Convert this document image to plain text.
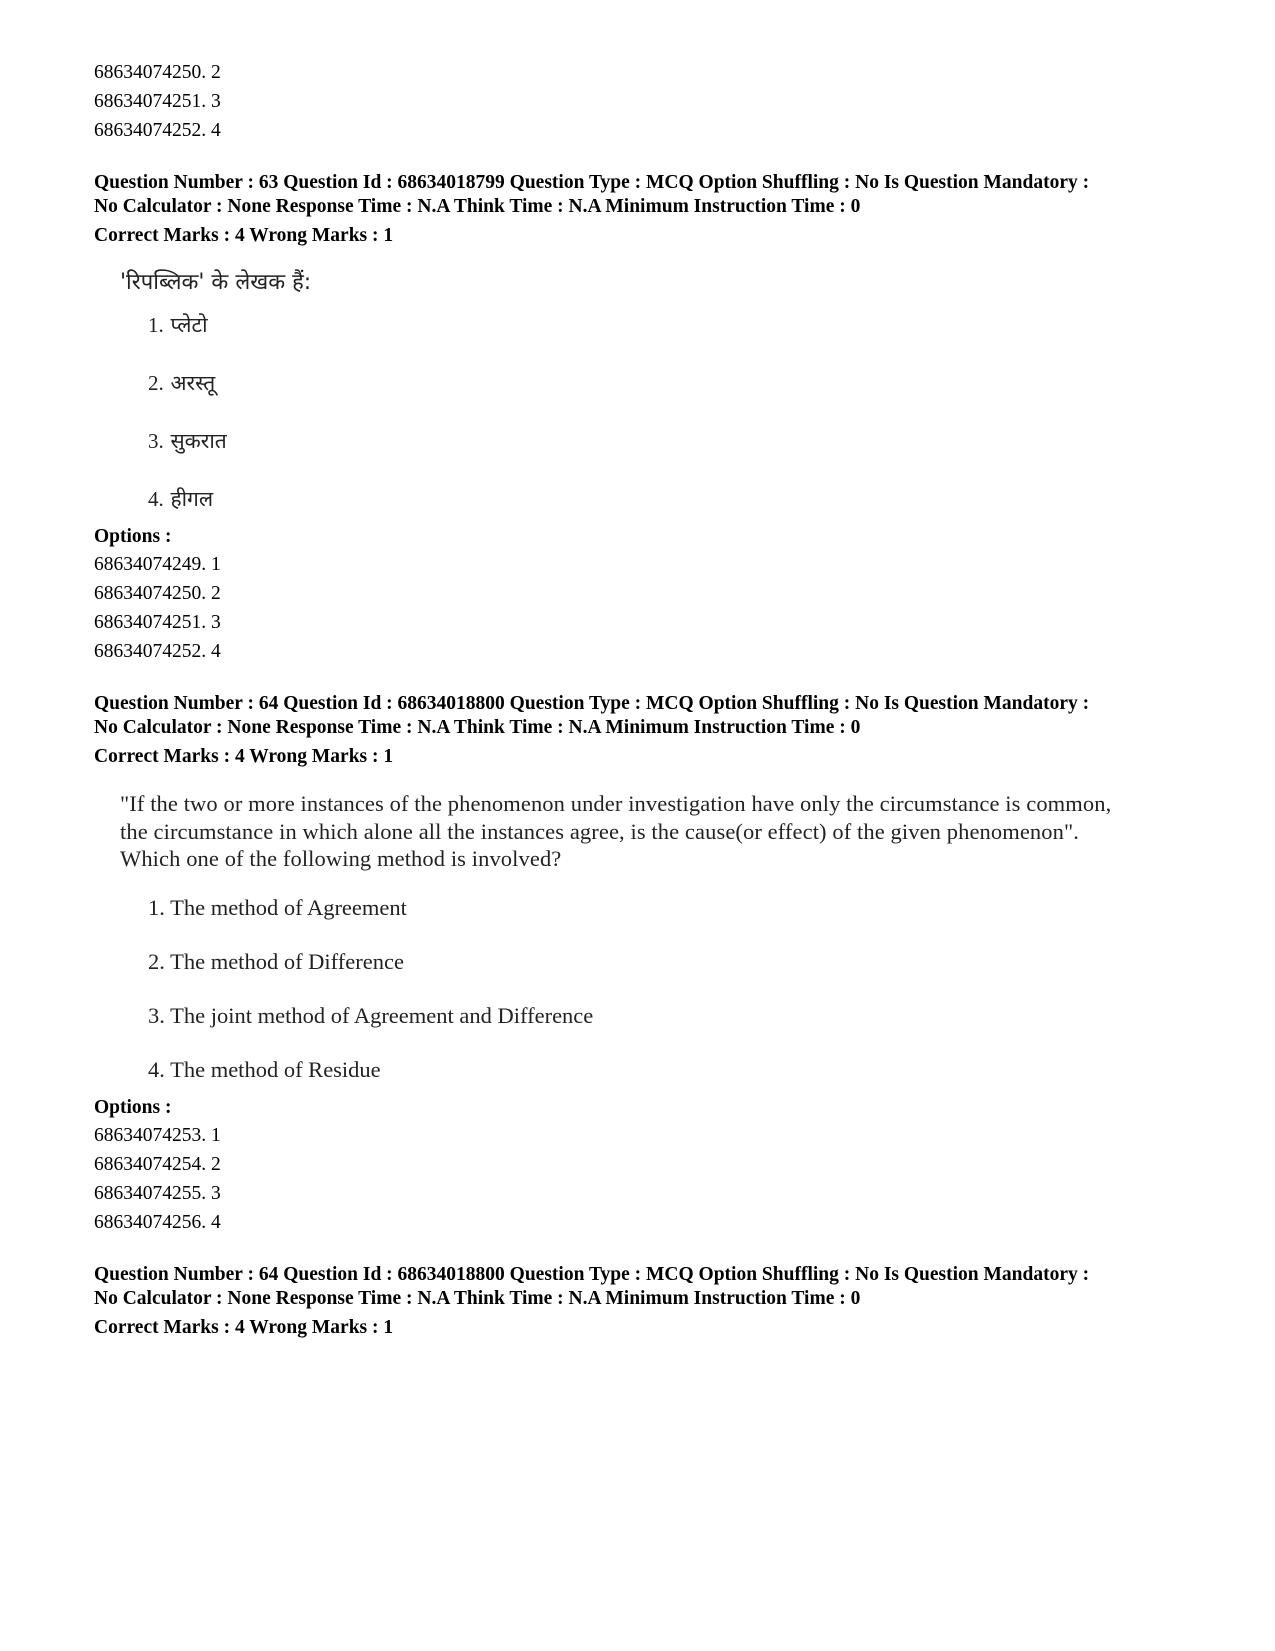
68634074250. 2
68634074251. 3
68634074252. 4
Question Number : 63 Question Id : 68634018799 Question Type : MCQ Option Shuffling : No Is Question Mandatory :
No Calculator : None Response Time : N.A Think Time : N.A Minimum Instruction Time : 0
Correct Marks : 4 Wrong Marks : 1
'रिपब्लिक' के लेखक हैं:
1. प्लेटो
2. अरस्तू
3. सुकरात
4. हीगल
Options :
68634074249. 1
68634074250. 2
68634074251. 3
68634074252. 4
Question Number : 64 Question Id : 68634018800 Question Type : MCQ Option Shuffling : No Is Question Mandatory :
No Calculator : None Response Time : N.A Think Time : N.A Minimum Instruction Time : 0
Correct Marks : 4 Wrong Marks : 1
"If the two or more instances of the phenomenon under investigation have only the circumstance is common,
the circumstance in which alone all the instances agree, is the cause(or effect) of the given phenomenon".
Which one of the following method is involved?
1. The method of Agreement
2. The method of Difference
3. The joint method of Agreement and Difference
4. The method of Residue
Options :
68634074253. 1
68634074254. 2
68634074255. 3
68634074256. 4
Question Number : 64 Question Id : 68634018800 Question Type : MCQ Option Shuffling : No Is Question Mandatory :
No Calculator : None Response Time : N.A Think Time : N.A Minimum Instruction Time : 0
Correct Marks : 4 Wrong Marks : 1
